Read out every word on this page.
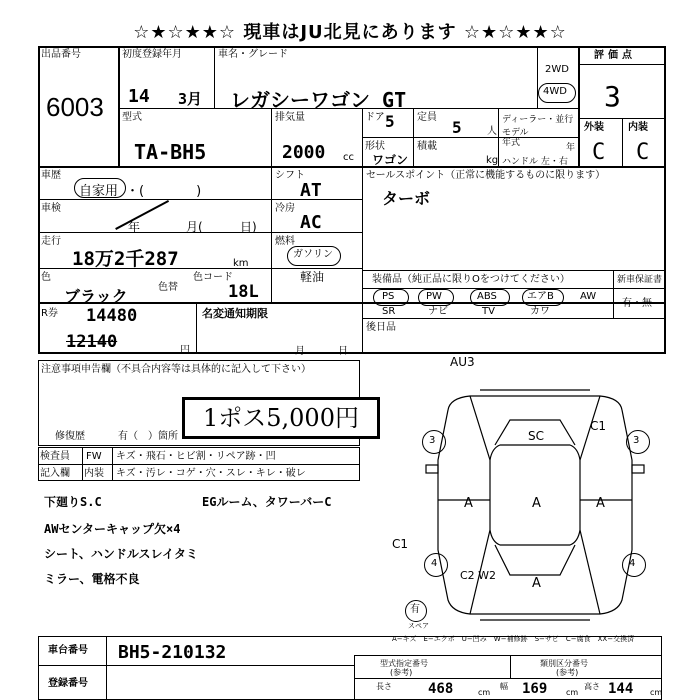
☆★☆★★☆ 現車はJU北見にあります ☆★☆★★☆
出品番号
6003
初度登録年月
14 3月
車名・グレード
レガシーワゴン GT
2WD
4WD
評価点
3
型式
TA-BH5
排気量
2000 cc
ドア 5 定員
5	人
ディーラー・並行
モデル
年式	年
ハンドル 左・右
形状
ワゴン
積載
kg
外装 内装
C C
車歴
自家用 ・(　　　　)
シフト
AT
セールスポイント（正常に機能するものに限ります）
ターボ
車検
年	月(	日)
冷房
AC
走行
18万2千287	km
燃料
ガソリン
軽油
色
ブラック	色替
色コード
18L
装備品（純正品に限りOをつけてください）	新車保証書
有・無
PS	PW	ABS	エアB	AW
SR	ナビ	TV	カワ
R券 14480
12140	円
名変通知期限
月	日
後日品
注意事項申告欄（不具合内容等は具体的に記入して下さい）
1ポス5,000円
修復歴	有（　）箇所
検査員
記入欄
FW キズ・飛石・ヒビ割・リペア跡・凹
内装 キズ・汚レ・コゲ・穴・スレ・キレ・破レ
下廻りS.C	EGルーム、タワーバーC
AWセンターキャップ欠×4
シート、ハンドルスレイタミ
ミラー、電格不良
AU3
SC
C1
C1
A	A	A
A
C2 W2
3	3
4	4
有
スペア
A−キズ　E−エクボ　U−凹み　W−補修跡　S−サビ　C−腐食　XX−交換済
車台番号 BH5-210132
登録番号
型式指定番号
(参考)
類別区分番号
(参考)
長さ	468	cm
幅 169 cm
高さ 144 cm
